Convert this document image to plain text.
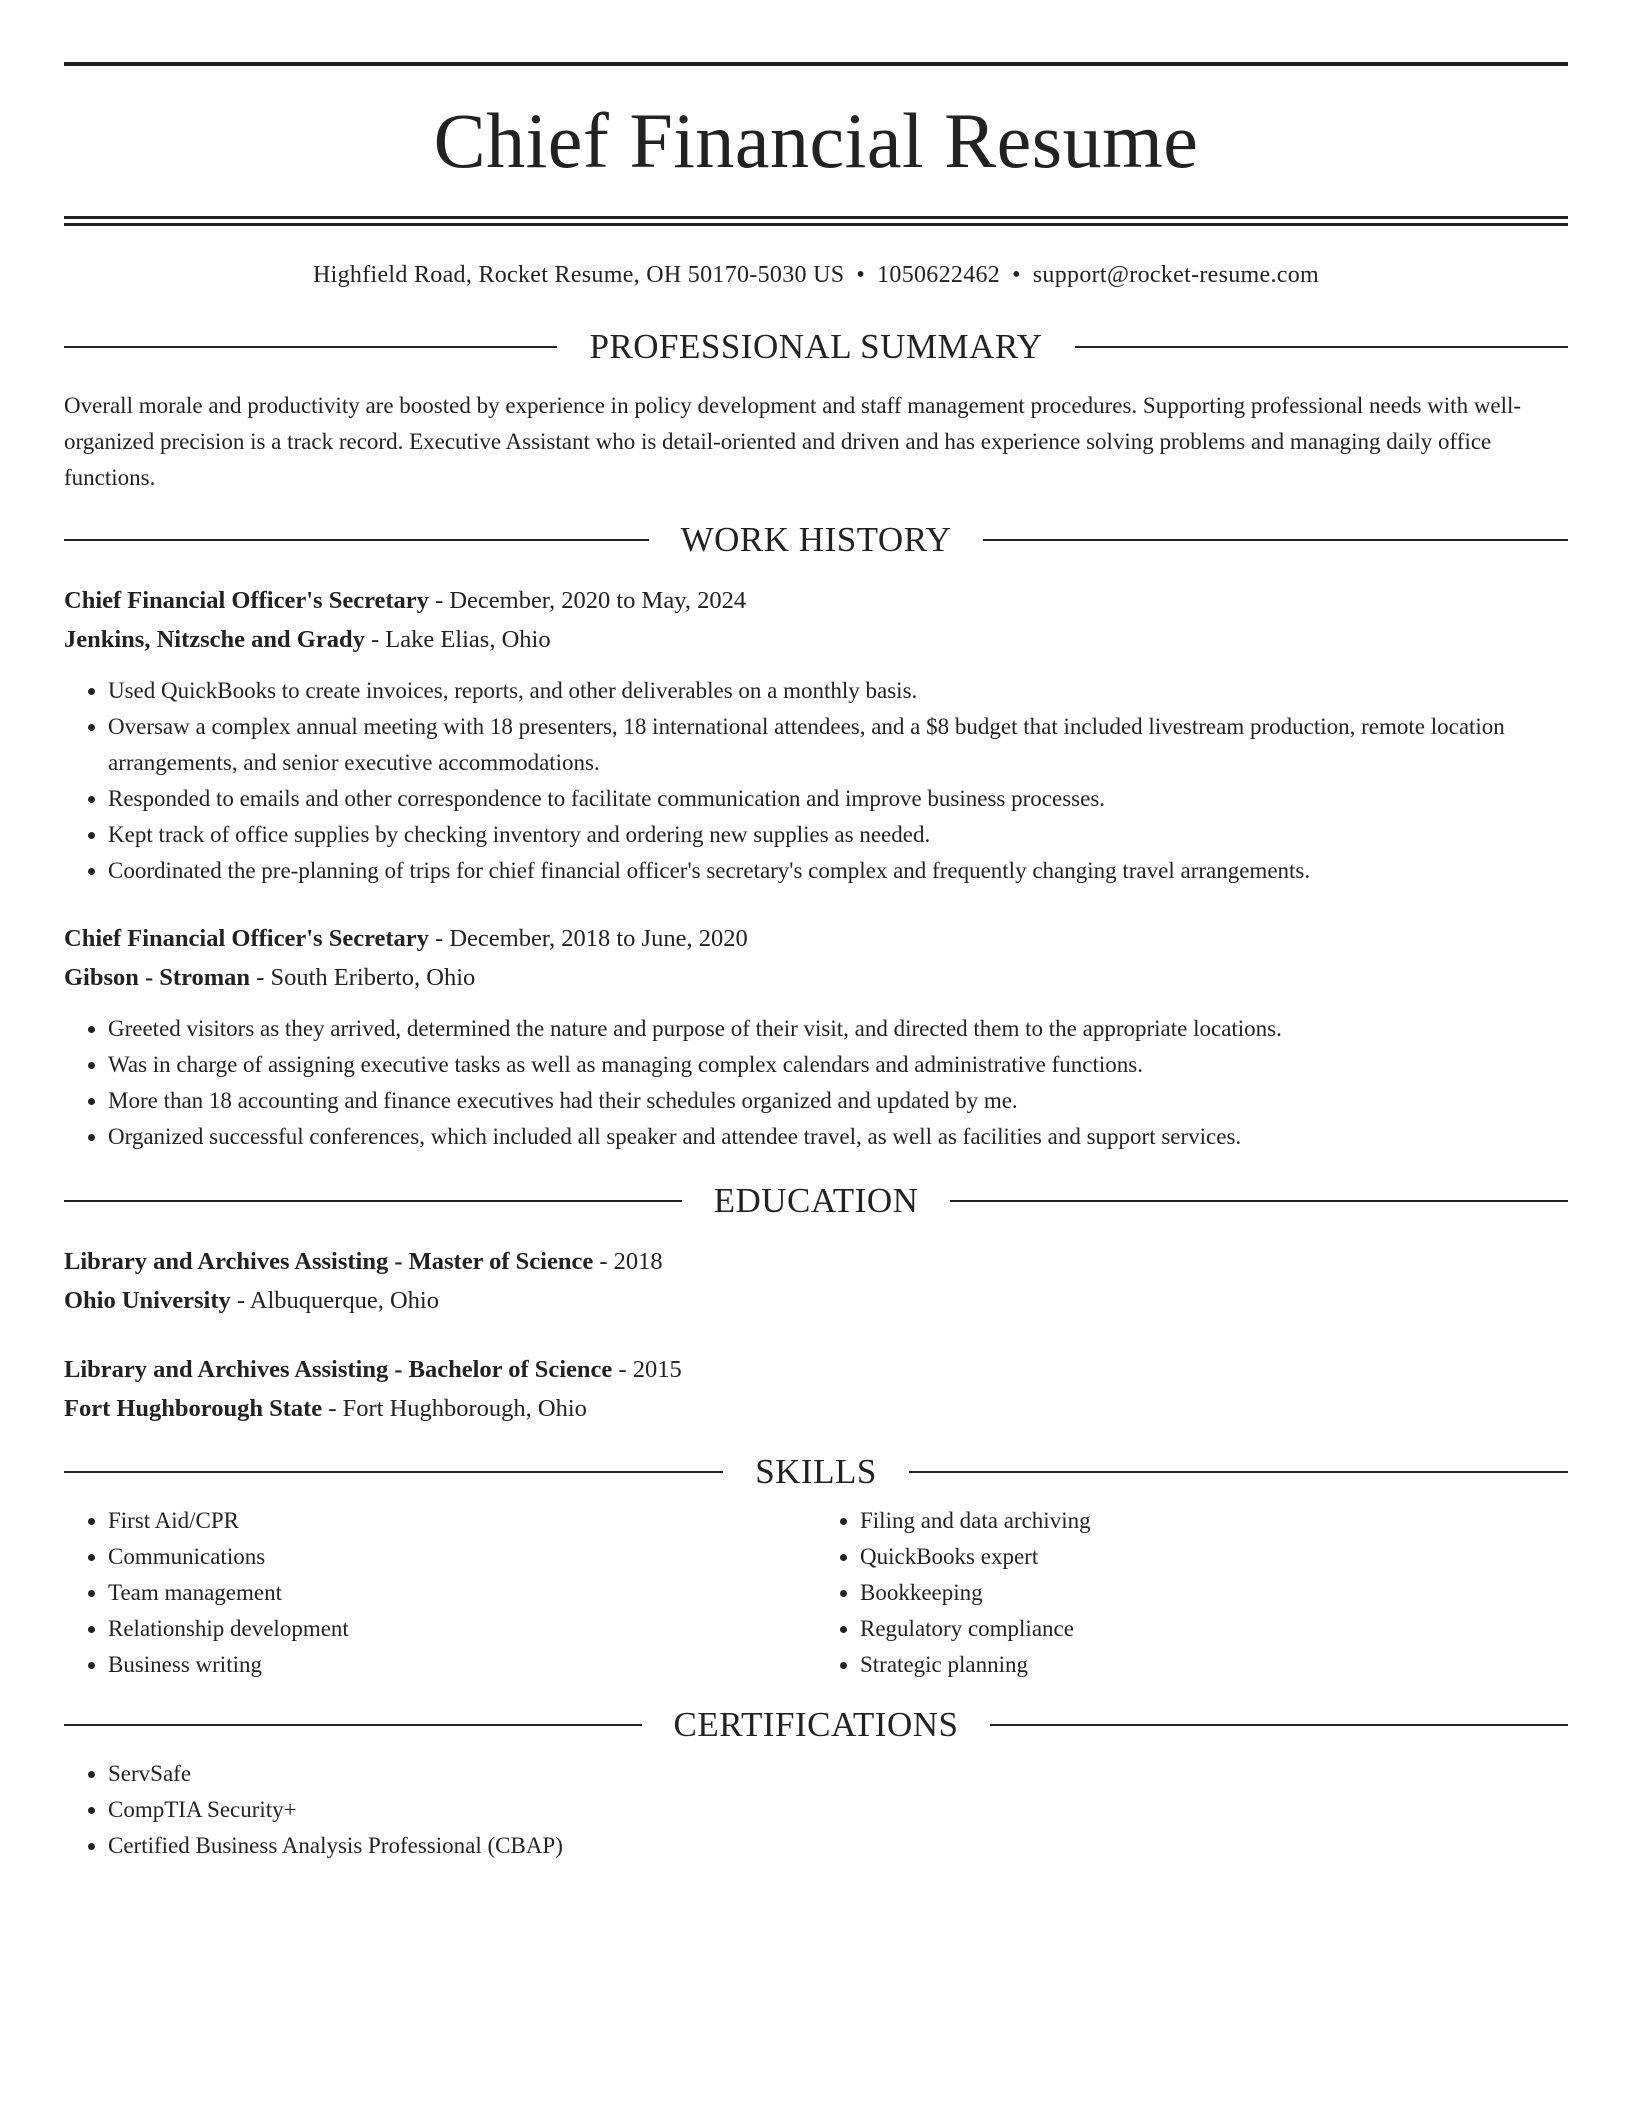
Chief Financial Resume
Highfield Road, Rocket Resume, OH 50170-5030 US • 1050622462 • support@rocket-resume.com
PROFESSIONAL SUMMARY
Overall morale and productivity are boosted by experience in policy development and staff management procedures. Supporting professional needs with well-organized precision is a track record. Executive Assistant who is detail-oriented and driven and has experience solving problems and managing daily office functions.
WORK HISTORY
Chief Financial Officer's Secretary - December, 2020 to May, 2024
Jenkins, Nitzsche and Grady - Lake Elias, Ohio
• Used QuickBooks to create invoices, reports, and other deliverables on a monthly basis.
• Oversaw a complex annual meeting with 18 presenters, 18 international attendees, and a $8 budget that included livestream production, remote location arrangements, and senior executive accommodations.
• Responded to emails and other correspondence to facilitate communication and improve business processes.
• Kept track of office supplies by checking inventory and ordering new supplies as needed.
• Coordinated the pre-planning of trips for chief financial officer's secretary's complex and frequently changing travel arrangements.
Chief Financial Officer's Secretary - December, 2018 to June, 2020
Gibson - Stroman - South Eriberto, Ohio
• Greeted visitors as they arrived, determined the nature and purpose of their visit, and directed them to the appropriate locations.
• Was in charge of assigning executive tasks as well as managing complex calendars and administrative functions.
• More than 18 accounting and finance executives had their schedules organized and updated by me.
• Organized successful conferences, which included all speaker and attendee travel, as well as facilities and support services.
EDUCATION
Library and Archives Assisting - Master of Science - 2018
Ohio University - Albuquerque, Ohio
Library and Archives Assisting - Bachelor of Science - 2015
Fort Hughborough State - Fort Hughborough, Ohio
SKILLS
• First Aid/CPR
• Communications
• Team management
• Relationship development
• Business writing
• Filing and data archiving
• QuickBooks expert
• Bookkeeping
• Regulatory compliance
• Strategic planning
CERTIFICATIONS
• ServSafe
• CompTIA Security+
• Certified Business Analysis Professional (CBAP)
